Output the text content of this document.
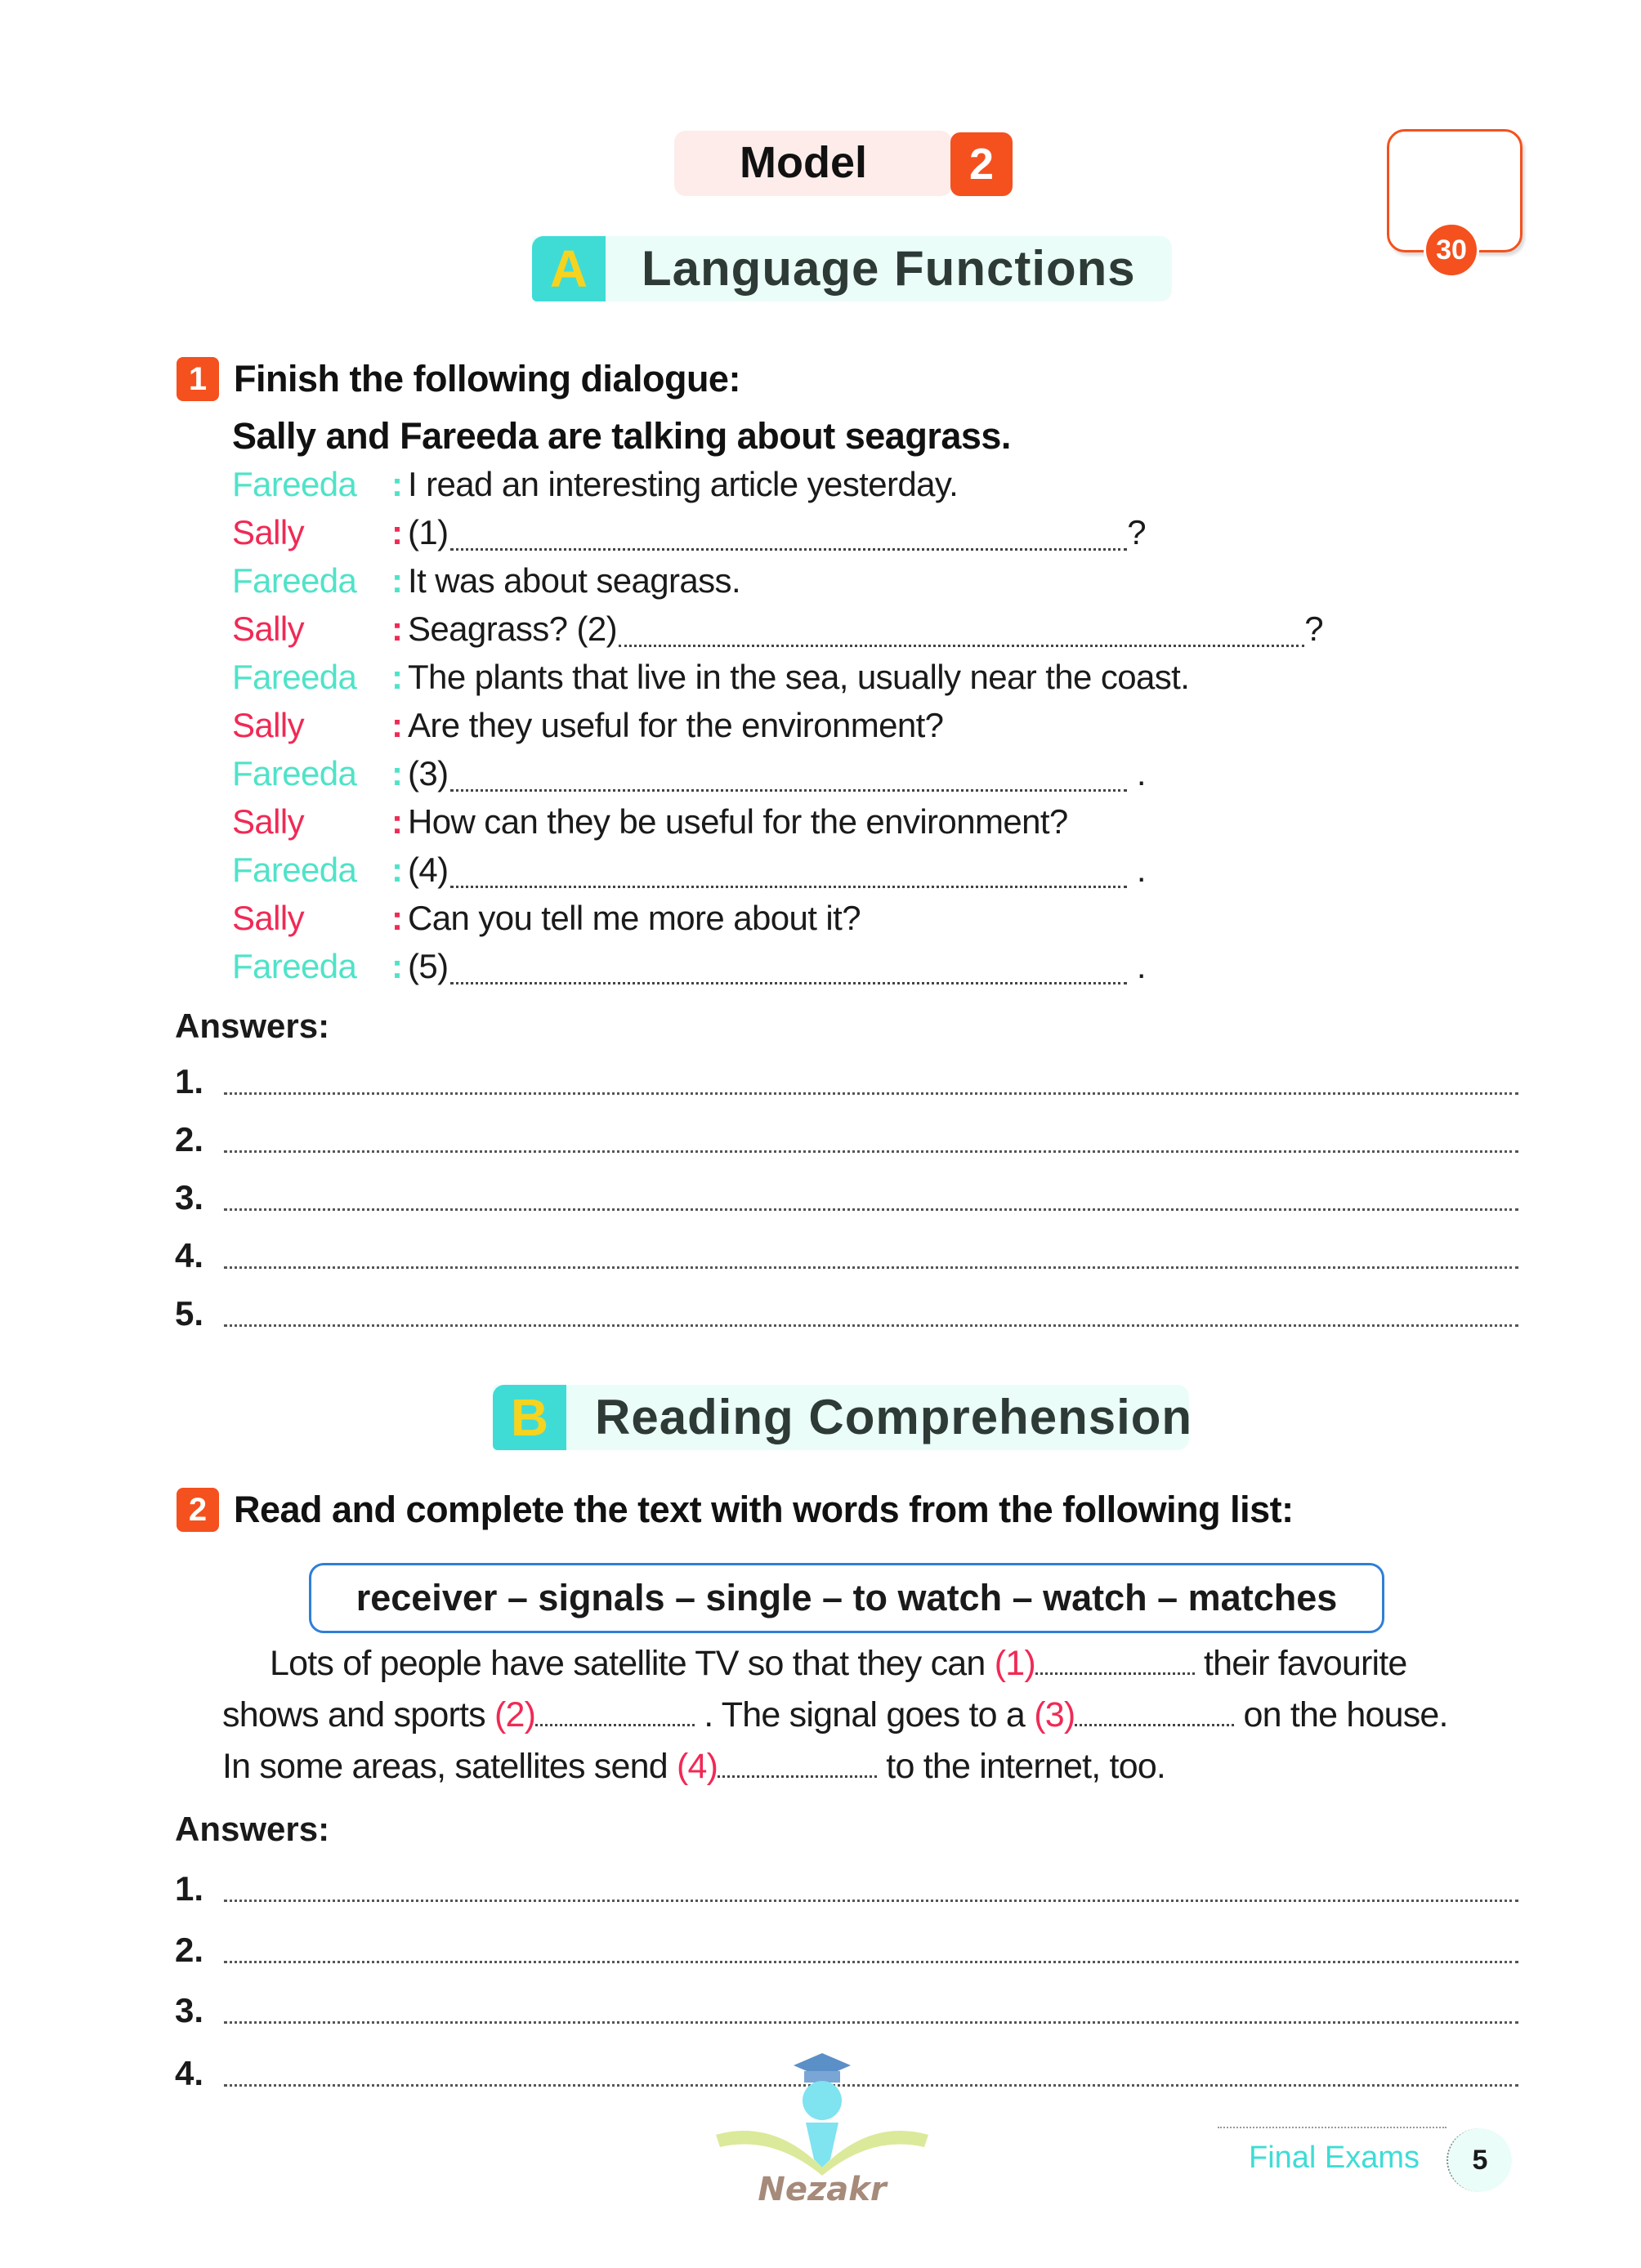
Model	2
30
A	Language Functions
1 Finish the following dialogue:
Sally and Fareeda are talking about seagrass.
Fareeda	: I read an interesting article yesterday.
Sally	: (1)	?
Fareeda	: It was about seagrass.
Sally	: Seagrass? (2)	?
Fareeda	: The plants that live in the sea, usually near the coast.
Sally	: Are they useful for the environment?
Fareeda	: (3)	.
Sally	: How can they be useful for the environment?
Fareeda	: (4)	.
Sally	: Can you tell me more about it?
Fareeda	: (5)	.
Answers:
1.
2.
3.
4.
5.
B Reading Comprehension
2 Read and complete the text with words from the following list:
receiver – signals – single – to watch – watch – matches
Lots of people have satellite TV so that they can (1)	their favourite
shows and sports (2)	. The signal goes to a (3)	on the house.
In some areas, satellites send (4)	to the internet, too.
Answers:
1.
2.
3.
4.
Nezakr
Final Exams	5
